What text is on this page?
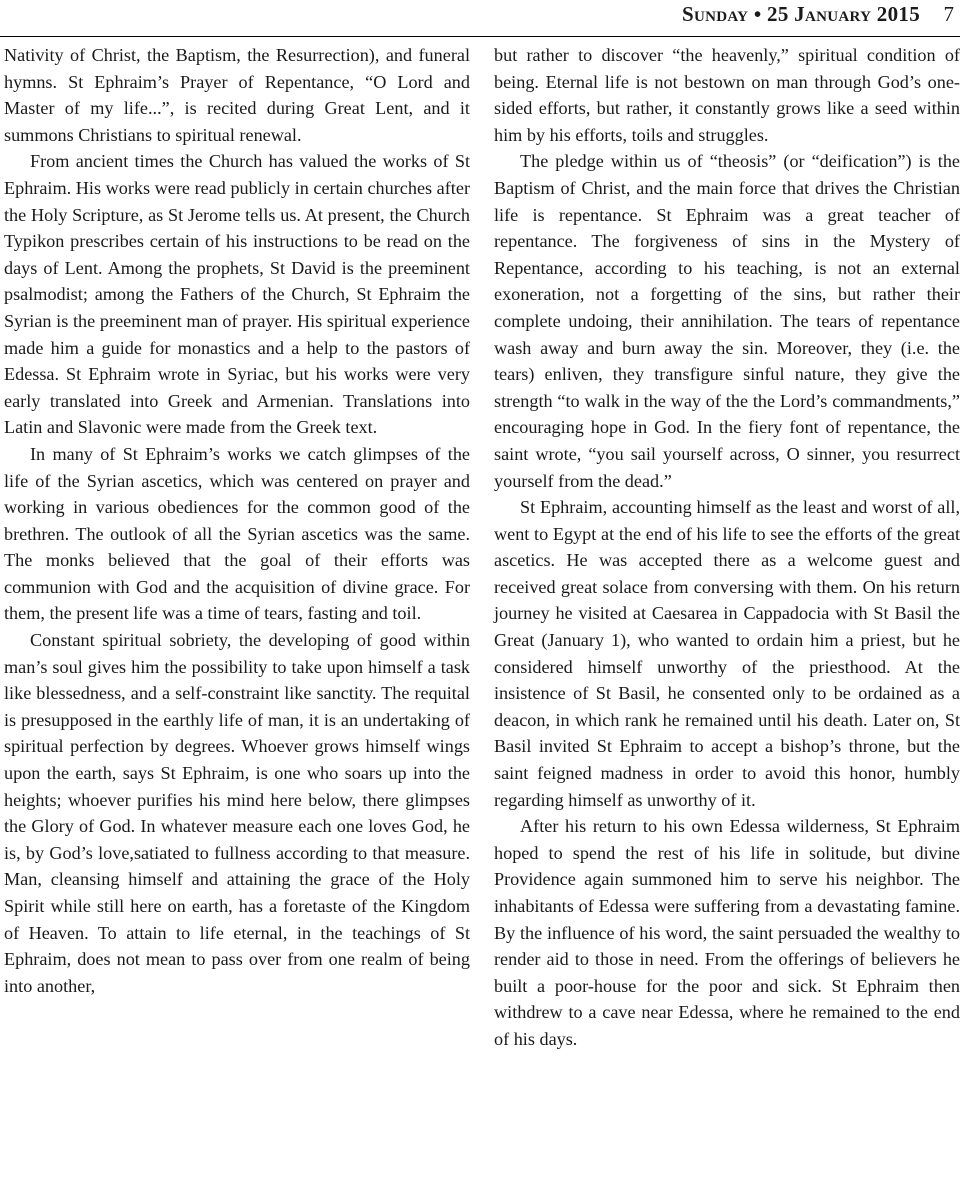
Sunday • 25 January 2015 7

Nativity of Christ, the Baptism, the Resurrection), and funeral hymns. St Ephraim’s Prayer of Repentance, “O Lord and Master of my life...”, is recited during Great Lent, and it summons Christians to spiritual renewal.

From ancient times the Church has valued the works of St Ephraim. His works were read publicly in certain churches after the Holy Scripture, as St Jerome tells us. At present, the Church Typikon prescribes certain of his instructions to be read on the days of Lent. Among the prophets, St David is the preeminent psalmodist; among the Fathers of the Church, St Ephraim the Syrian is the preeminent man of prayer. His spiritual experience made him a guide for monastics and a help to the pastors of Edessa. St Ephraim wrote in Syriac, but his works were very early translated into Greek and Armenian. Translations into Latin and Slavonic were made from the Greek text.

In many of St Ephraim’s works we catch glimpses of the life of the Syrian ascetics, which was centered on prayer and working in various obediences for the common good of the brethren. The outlook of all the Syrian ascetics was the same. The monks believed that the goal of their efforts was communion with God and the acquisition of divine grace. For them, the present life was a time of tears, fasting and toil.

Constant spiritual sobriety, the developing of good within man’s soul gives him the possibility to take upon himself a task like blessedness, and a self-constraint like sanctity. The requital is presupposed in the earthly life of man, it is an undertaking of spiritual perfection by degrees. Whoever grows himself wings upon the earth, says St Ephraim, is one who soars up into the heights; whoever purifies his mind here below, there glimpses the Glory of God. In whatever measure each one loves God, he is, by God’s love,satiated to fullness according to that measure. Man, cleansing himself and attaining the grace of the Holy Spirit while still here on earth, has a foretaste of the Kingdom of Heaven. To attain to life eternal, in the teachings of St Ephraim, does not mean to pass over from one realm of being into another,

but rather to discover “the heavenly,” spiritual condition of being. Eternal life is not bestown on man through God’s one-sided efforts, but rather, it constantly grows like a seed within him by his efforts, toils and struggles.

The pledge within us of “theosis” (or “deification”) is the Baptism of Christ, and the main force that drives the Christian life is repentance. St Ephraim was a great teacher of repentance. The forgiveness of sins in the Mystery of Repentance, according to his teaching, is not an external exoneration, not a forgetting of the sins, but rather their complete undoing, their annihilation. The tears of repentance wash away and burn away the sin. Moreover, they (i.e. the tears) enliven, they transfigure sinful nature, they give the strength “to walk in the way of the the Lord’s commandments,” encouraging hope in God. In the fiery font of repentance, the saint wrote, “you sail yourself across, O sinner, you resurrect yourself from the dead.”

St Ephraim, accounting himself as the least and worst of all, went to Egypt at the end of his life to see the efforts of the great ascetics. He was accepted there as a welcome guest and received great solace from conversing with them. On his return journey he visited at Caesarea in Cappadocia with St Basil the Great (January 1), who wanted to ordain him a priest, but he considered himself unworthy of the priesthood. At the insistence of St Basil, he consented only to be ordained as a deacon, in which rank he remained until his death. Later on, St Basil invited St Ephraim to accept a bishop’s throne, but the saint feigned madness in order to avoid this honor, humbly regarding himself as unworthy of it.

After his return to his own Edessa wilderness, St Ephraim hoped to spend the rest of his life in solitude, but divine Providence again summoned him to serve his neighbor. The inhabitants of Edessa were suffering from a devastating famine. By the influence of his word, the saint persuaded the wealthy to render aid to those in need. From the offerings of believers he built a poor-house for the poor and sick. St Ephraim then withdrew to a cave near Edessa, where he remained to the end of his days.
